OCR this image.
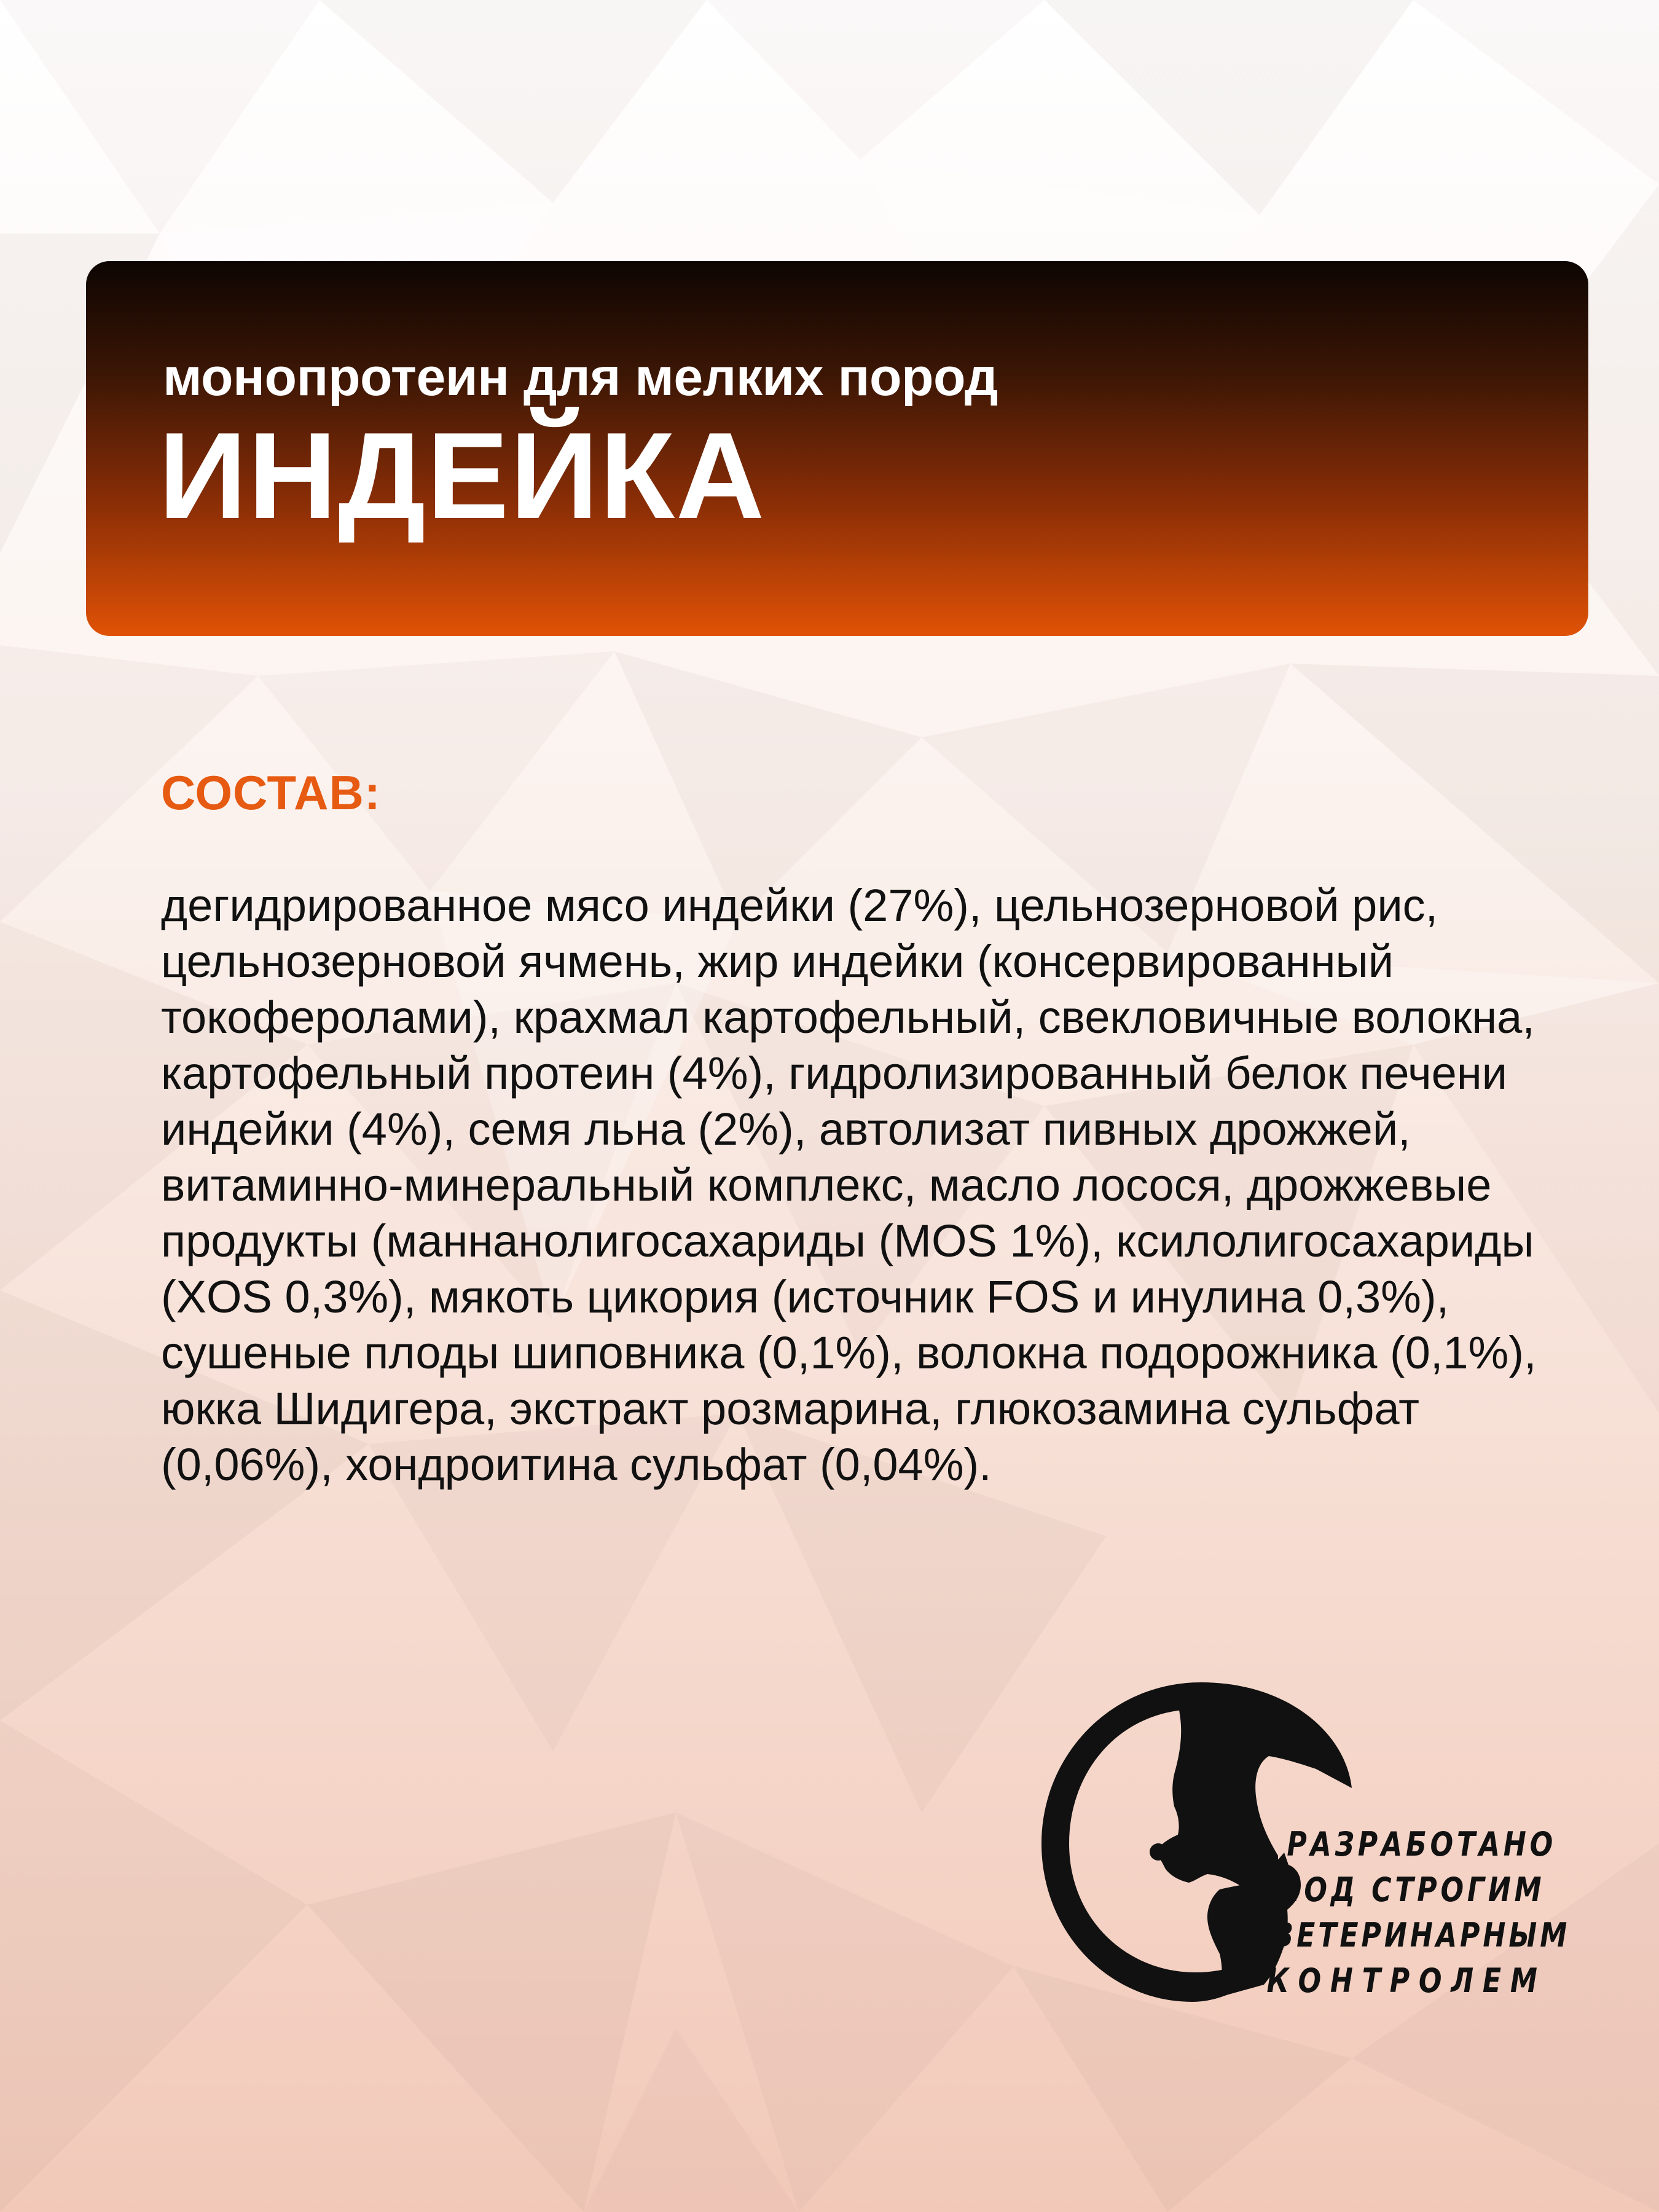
монопротеин для мелких пород

ИНДЕЙКА
СОСТАВ:

дегидрированное мясо индейки (27%), цельнозерновой рис, цельнозерновой ячмень, жир индейки (консервированный токоферолами), крахмал картофельный, свекловичные волокна, картофельный протеин (4%), гидролизированный белок печени индейки (4%), семя льна (2%), автолизат пивных дрожжей, витаминно-минеральный комплекс, масло лосося, дрожжевые продукты (маннанолигосахариды (MOS 1%), ксилолигосахариды (XOS 0,3%), мякоть цикория (источник FOS и инулина 0,3%), сушеные плоды шиповника (0,1%), волокна подорожника (0,1%), юкка Шидигера, экстракт розмарина, глюкозамина сульфат (0,06%), хондроитина сульфат (0,04%).

РАЗРАБОТАНО

ПОД СТРОГИМ

ВЕТЕРИНАРНЫМ

КОНТРОЛЕМ
